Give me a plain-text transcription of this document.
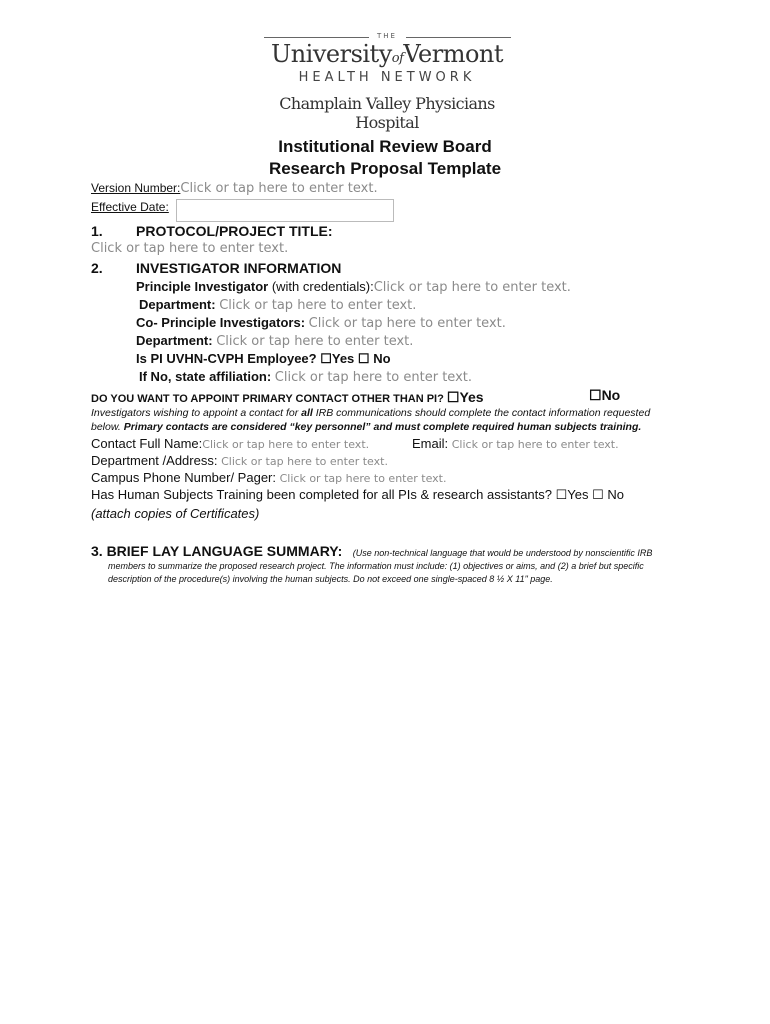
THE
UniversityofVermont
HEALTH NETWORK
Champlain Valley Physicians Hospital
Institutional Review Board
Research Proposal Template
Version Number:Click or tap here to enter text.
Effective Date:
1. PROTOCOL/PROJECT TITLE:
Click or tap here to enter text.
2. INVESTIGATOR INFORMATION
Principle Investigator (with credentials):Click or tap here to enter text.
Department: Click or tap here to enter text.
Co- Principle Investigators: Click or tap here to enter text.
Department: Click or tap here to enter text.
Is PI UVHN-CVPH Employee? ☐Yes ☐ No
If No, state affiliation: Click or tap here to enter text.
DO YOU WANT TO APPOINT PRIMARY CONTACT OTHER THAN PI? ☐Yes	☐No
Investigators wishing to appoint a contact for all IRB communications should complete the contact information requested
below. Primary contacts are considered “key personnel” and must complete required human subjects training.
Contact Full Name:Click or tap here to enter text.	Email: Click or tap here to enter text.
Department /Address: Click or tap here to enter text.
Campus Phone Number/ Pager: Click or tap here to enter text.
Has Human Subjects Training been completed for all PIs & research assistants? ☐Yes ☐ No
(attach copies of Certificates)
3. BRIEF LAY LANGUAGE SUMMARY: (Use non-technical language that would be understood by nonscientific IRB
members to summarize the proposed research project. The information must include: (1) objectives or aims, and (2) a brief but specific
description of the procedure(s) involving the human subjects. Do not exceed one single-spaced 8 ½ X 11" page.
